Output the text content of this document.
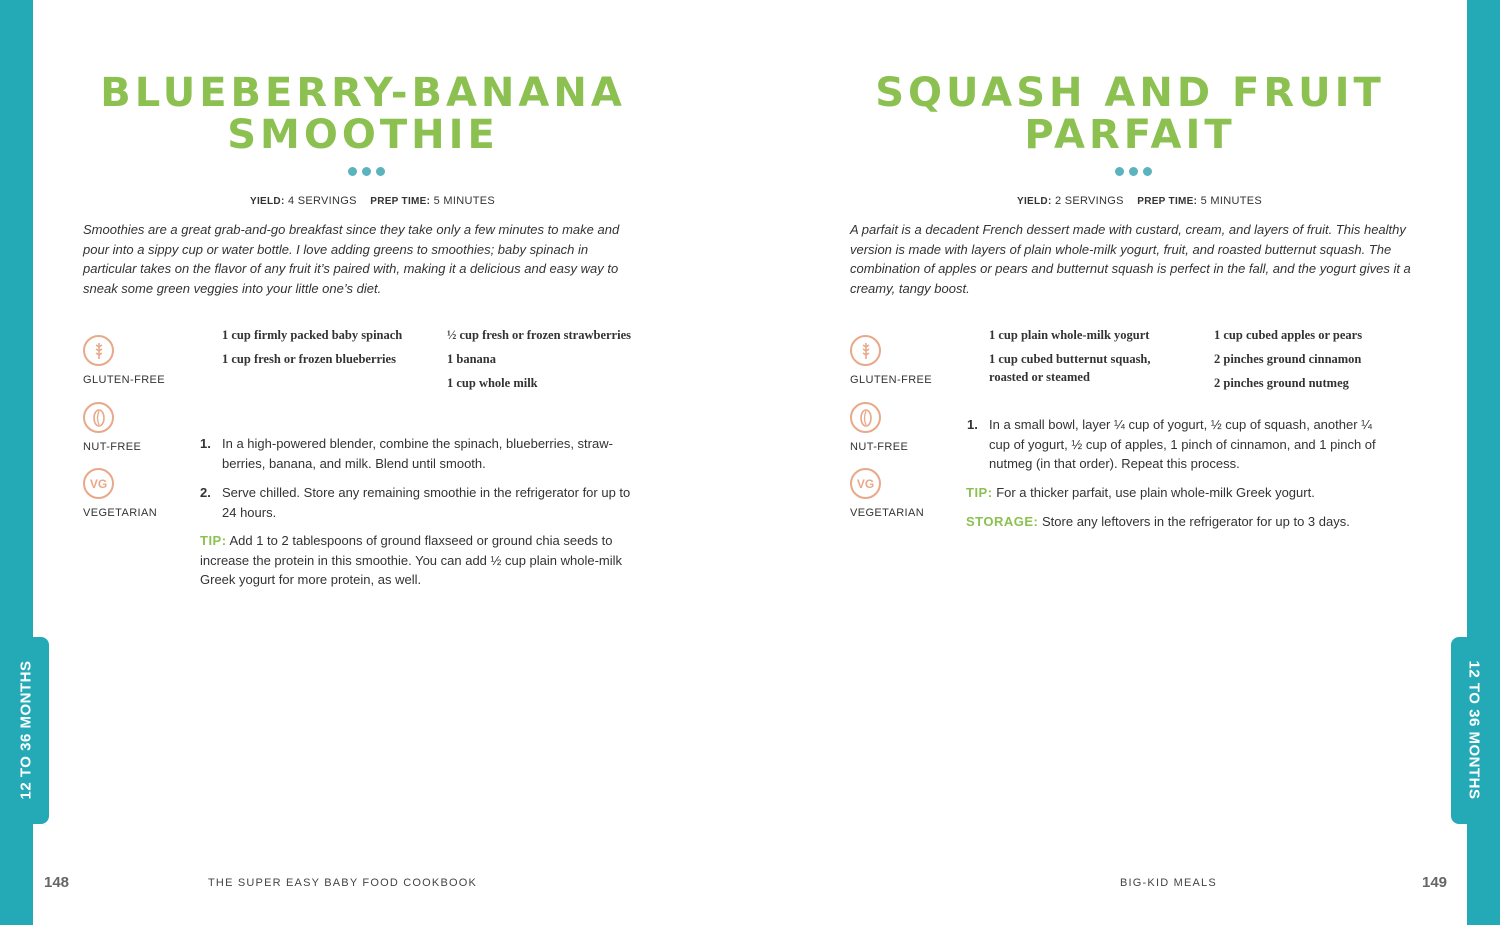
12 TO 36 MONTHS	12 TO 36 MONTHS
BLUEBERRY-BANANA
SMOOTHIE
YIELD: 4 SERVINGS PREP TIME: 5 MINUTES

Smoothies are a great grab-and-go breakfast since they take only a few minutes to make and pour into a sippy cup or water bottle. I love adding greens to smoothies; baby spinach in particular takes on the flavor of any fruit it’s paired with, making it a delicious and easy way to sneak some green veggies into your little one’s diet.

GLUTEN-FREE
NUT-FREE
VG
VEGETARIAN
1 cup firmly packed baby spinach
1 cup fresh or frozen blueberries
½ cup fresh or frozen strawberries
1 banana
1 cup whole milk
1. In a high-powered blender, combine the spinach, blueberries, straw-berries, banana, and milk. Blend until smooth.
2. Serve chilled. Store any remaining smoothie in the refrigerator for up to 24 hours.
TIP: Add 1 to 2 tablespoons of ground flaxseed or ground chia seeds to increase the protein in this smoothie. You can add ½ cup plain whole-milk Greek yogurt for more protein, as well.
148	THE SUPER EASY BABY FOOD COOKBOOK
SQUASH AND FRUIT
PARFAIT
YIELD: 2 SERVINGS PREP TIME: 5 MINUTES

A parfait is a decadent French dessert made with custard, cream, and layers of fruit. This healthy version is made with layers of plain whole-milk yogurt, fruit, and roasted butternut squash. The combination of apples or pears and butternut squash is perfect in the fall, and the yogurt gives it a creamy, tangy boost.

GLUTEN-FREE
NUT-FREE
VG
VEGETARIAN
1 cup plain whole-milk yogurt
1 cup cubed butternut squash, roasted or steamed
1 cup cubed apples or pears
2 pinches ground cinnamon
2 pinches ground nutmeg
1. In a small bowl, layer ¼ cup of yogurt, ½ cup of squash, another ¼ cup of yogurt, ½ cup of apples, 1 pinch of cinnamon, and 1 pinch of nutmeg (in that order). Repeat this process.
TIP: For a thicker parfait, use plain whole-milk Greek yogurt.
STORAGE: Store any leftovers in the refrigerator for up to 3 days.
149
BIG-KID MEALS
